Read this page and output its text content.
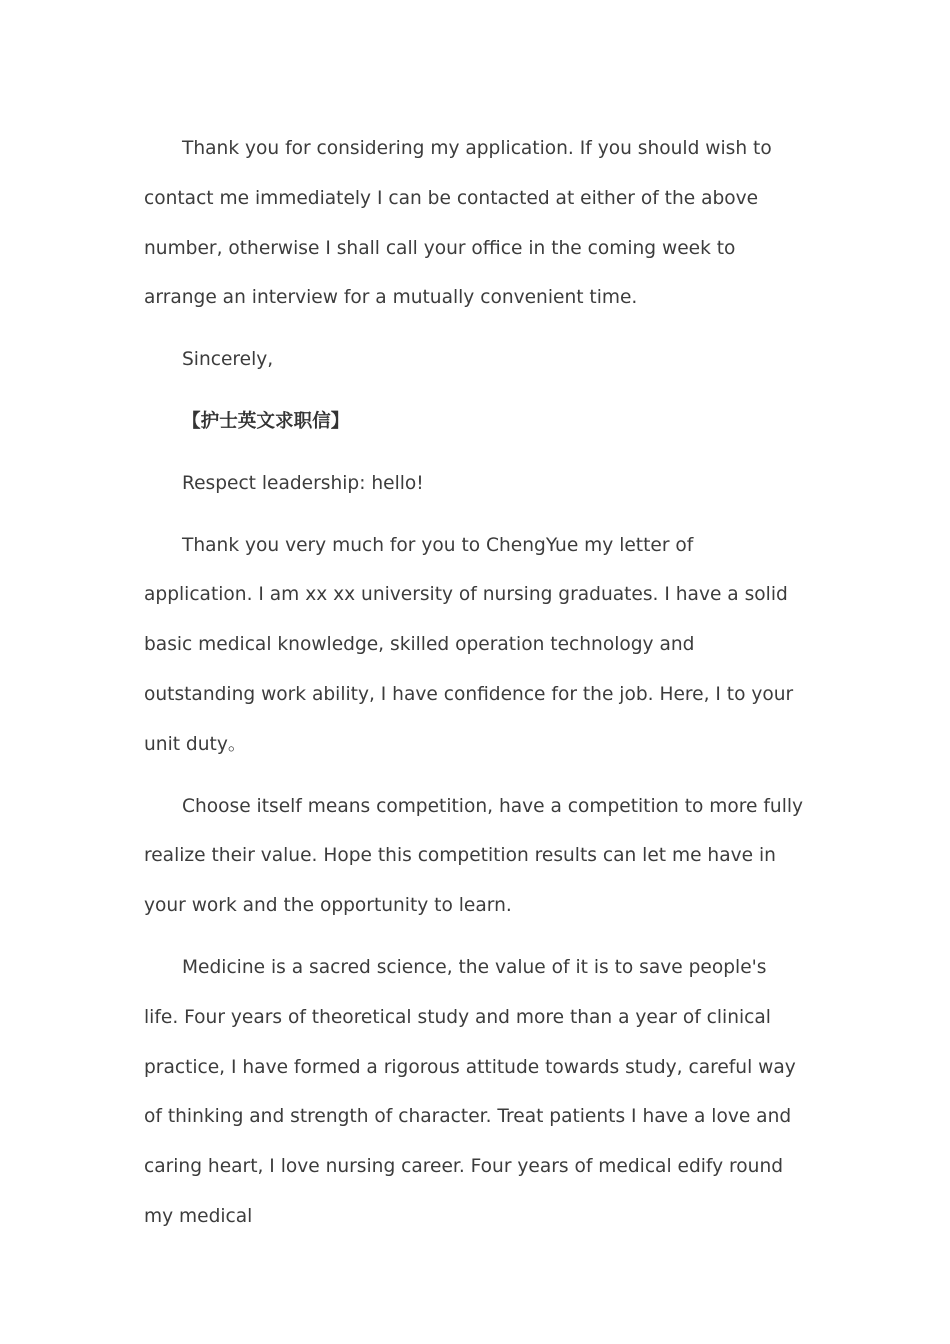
Thank you for considering my application. If you should wish to contact me immediately I can be contacted at either of the above number, otherwise I shall call your office in the coming week to arrange an interview for a mutually convenient time.

Sincerely,

【护士英文求职信】

Respect leadership: hello!

Thank you very much for you to ChengYue my letter of application. I am xx xx university of nursing graduates. I have a solid basic medical knowledge, skilled operation technology and outstanding work ability, I have confidence for the job. Here, I to your unit duty。

Choose itself means competition, have a competition to more fully realize their value. Hope this competition results can let me have in your work and the opportunity to learn.

Medicine is a sacred science, the value of it is to save people's life. Four years of theoretical study and more than a year of clinical practice, I have formed a rigorous attitude towards study, careful way of thinking and strength of character. Treat patients I have a love and caring heart, I love nursing career. Four years of medical edify round my medical
